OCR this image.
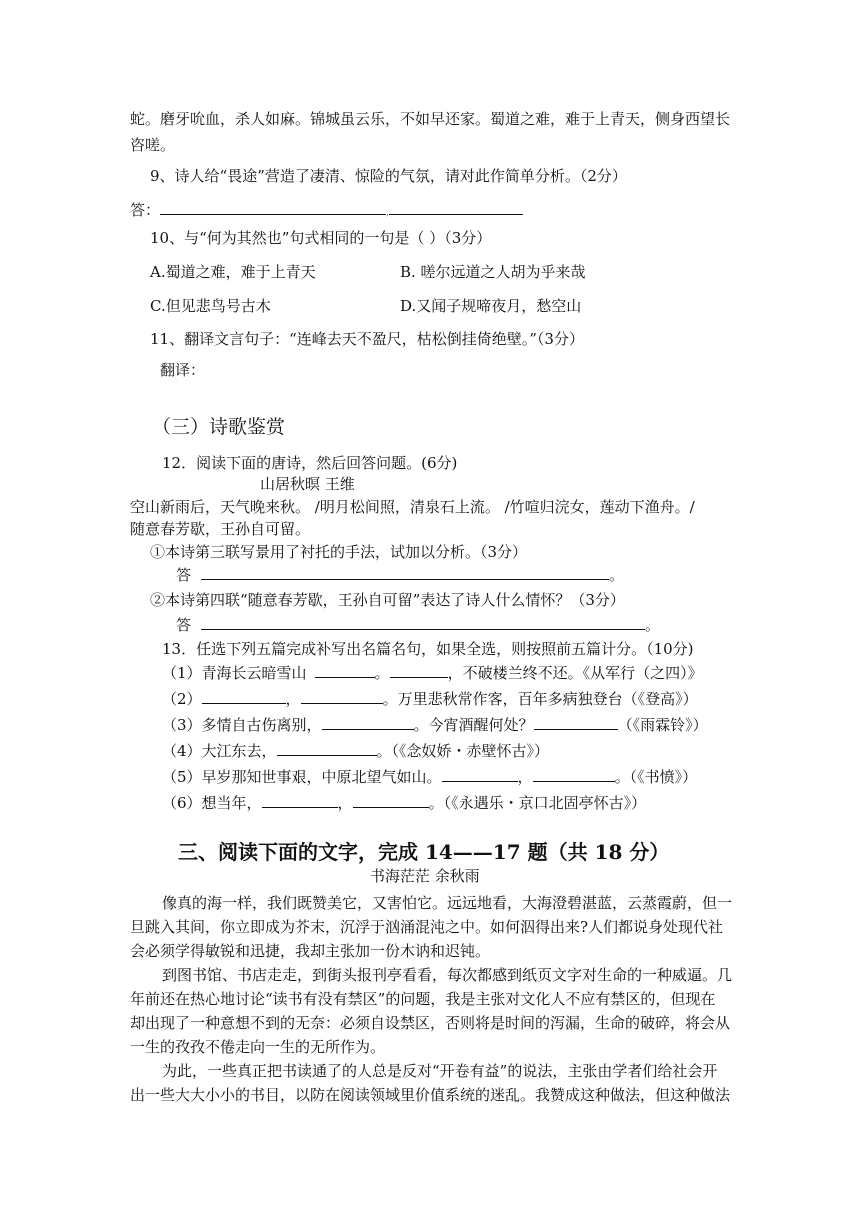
蛇。磨牙吮血，杀人如麻。锦城虽云乐，不如早还家。蜀道之难，难于上青天，侧身西望长
咨嗟。
9、诗人给“畏途”营造了凄清、惊险的气氛，请对此作简单分析。（2分）
答：	,
10、与“何为其然也”句式相同的一句是（ ）（3分）
A.蜀道之难，难于上青天	B. 嗟尔远道之人胡为乎来哉
C.但见悲鸟号古木	D.又闻子规啼夜月，愁空山
11、翻译文言句子：“连峰去天不盈尺，枯松倒挂倚绝壁。”（3分）
翻译：
（三）诗歌鉴赏
12．阅读下面的唐诗，然后回答问题。(6分)
山居秋暝 王维
空山新雨后，天气晚来秋。 /明月松间照，清泉石上流。 /竹喧归浣女，莲动下渔舟。/
随意春芳歇，王孙自可留。
①本诗第三联写景用了衬托的手法，试加以分析。（3分）
答	。
②本诗第四联“随意春芳歇，王孙自可留”表达了诗人什么情怀？（3分）
答	。
13．任选下列五篇完成补写出名篇名句，如果全选，则按照前五篇计分。（10分)
（1）青海长云暗雪山	。	，不破楼兰终不还。《从军行（之四）》
（2）	，	。万里悲秋常作客，百年多病独登台（《登高》）
（3）多情自古伤离别，	。今宵酒醒何处？	（《雨霖铃》）
（4）大江东去，	。（《念奴娇・赤壁怀古》）
（5）早岁那知世事艰，中原北望气如山。	，	。（《书愤》）
（6）想当年，	，	。（《永遇乐・京口北固亭怀古》）
三、阅读下面的文字，完成 14——17 题（共 18 分）
书海茫茫 余秋雨
像真的海一样，我们既赞美它，又害怕它。远远地看，大海澄碧湛蓝，云蒸霞蔚，但一
旦跳入其间，你立即成为芥末，沉浮于汹涌混沌之中。如何泅得出来?人们都说身处现代社
会必须学得敏锐和迅捷，我却主张加一份木讷和迟钝。
到图书馆、书店走走，到街头报刊亭看看，每次都感到纸页文字对生命的一种威逼。几
年前还在热心地讨论“读书有没有禁区”的问题，我是主张对文化人不应有禁区的，但现在
却出现了一种意想不到的无奈：必须自设禁区，否则将是时间的泻漏，生命的破碎，将会从
一生的孜孜不倦走向一生的无所作为。
为此，一些真正把书读通了的人总是反对“开卷有益”的说法，主张由学者们给社会开
出一些大大小小的书目，以防在阅读领域里价值系统的迷乱。我赞成这种做法，但这种做法
